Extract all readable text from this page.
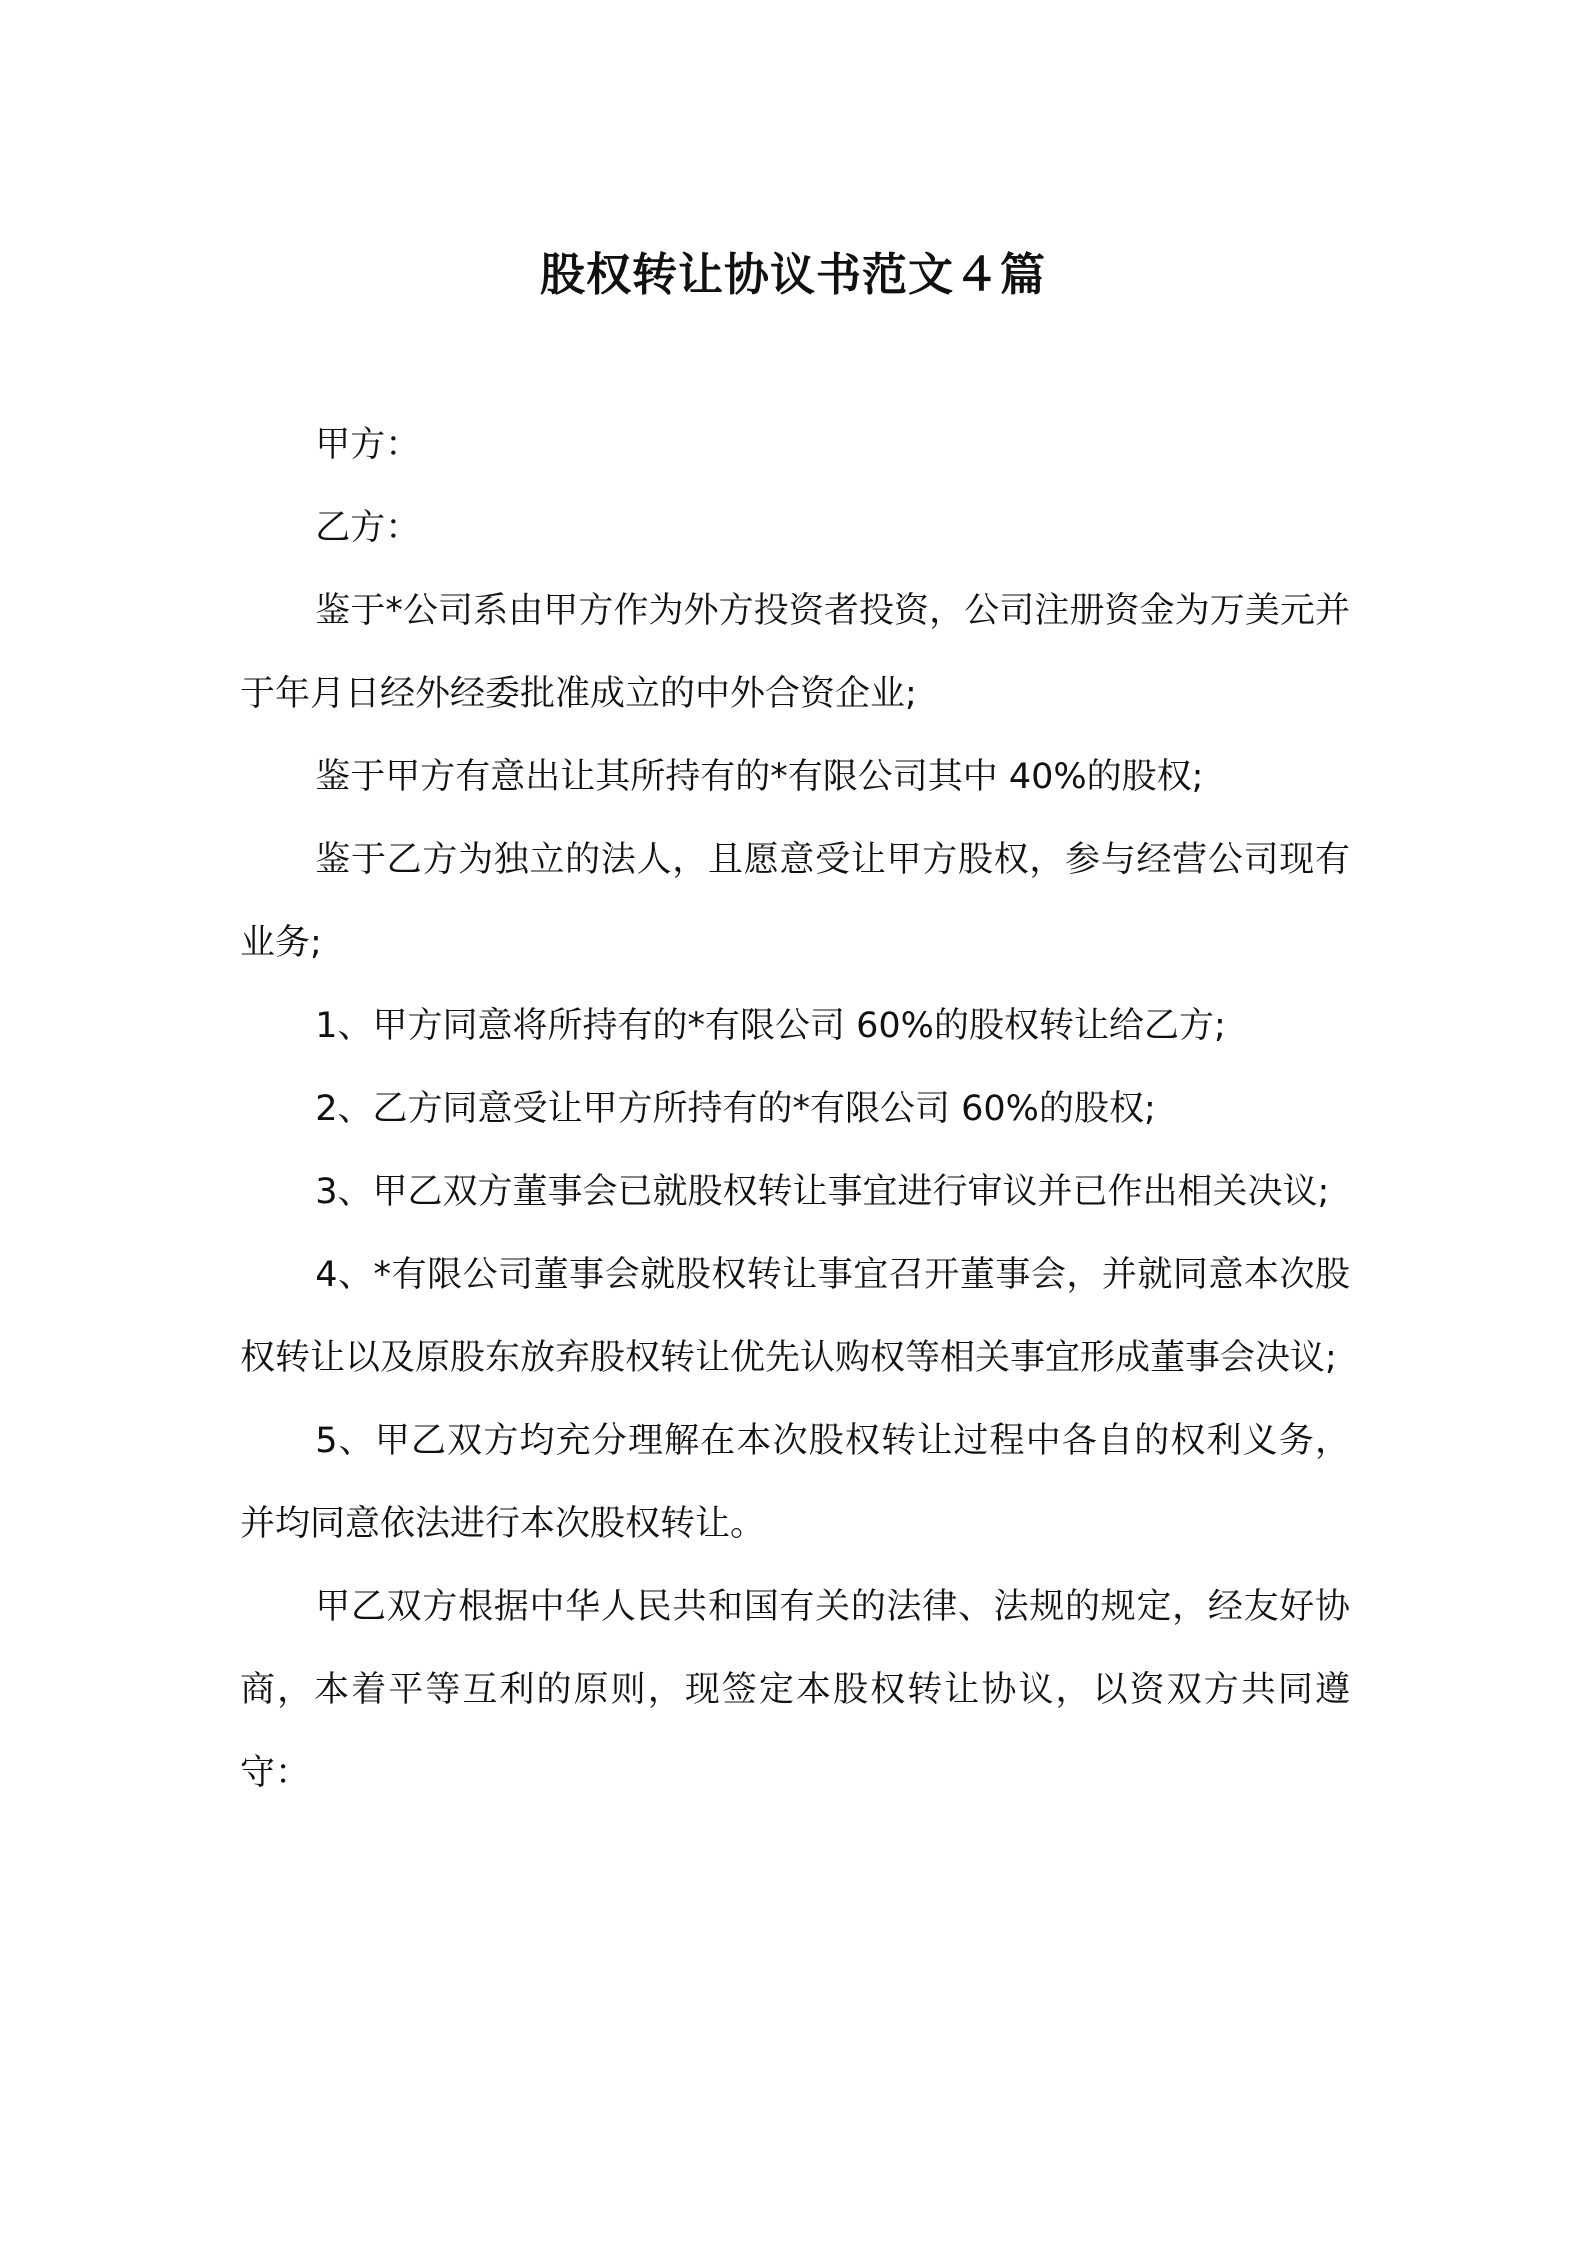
股权转让协议书范文４篇

甲方：

乙方：

鉴于*公司系由甲方作为外方投资者投资，公司注册资金为万美元并于年月日经外经委批准成立的中外合资企业;

鉴于甲方有意出让其所持有的*有限公司其中 40%的股权;

鉴于乙方为独立的法人，且愿意受让甲方股权，参与经营公司现有业务;

1、甲方同意将所持有的*有限公司 60%的股权转让给乙方;

2、乙方同意受让甲方所持有的*有限公司 60%的股权;

3、甲乙双方董事会已就股权转让事宜进行审议并已作出相关决议;

4、*有限公司董事会就股权转让事宜召开董事会，并就同意本次股权转让以及原股东放弃股权转让优先认购权等相关事宜形成董事会决议;

5、甲乙双方均充分理解在本次股权转让过程中各自的权利义务，并均同意依法进行本次股权转让。

甲乙双方根据中华人民共和国有关的法律、法规的规定，经友好协商，本着平等互利的原则，现签定本股权转让协议，以资双方共同遵守：
